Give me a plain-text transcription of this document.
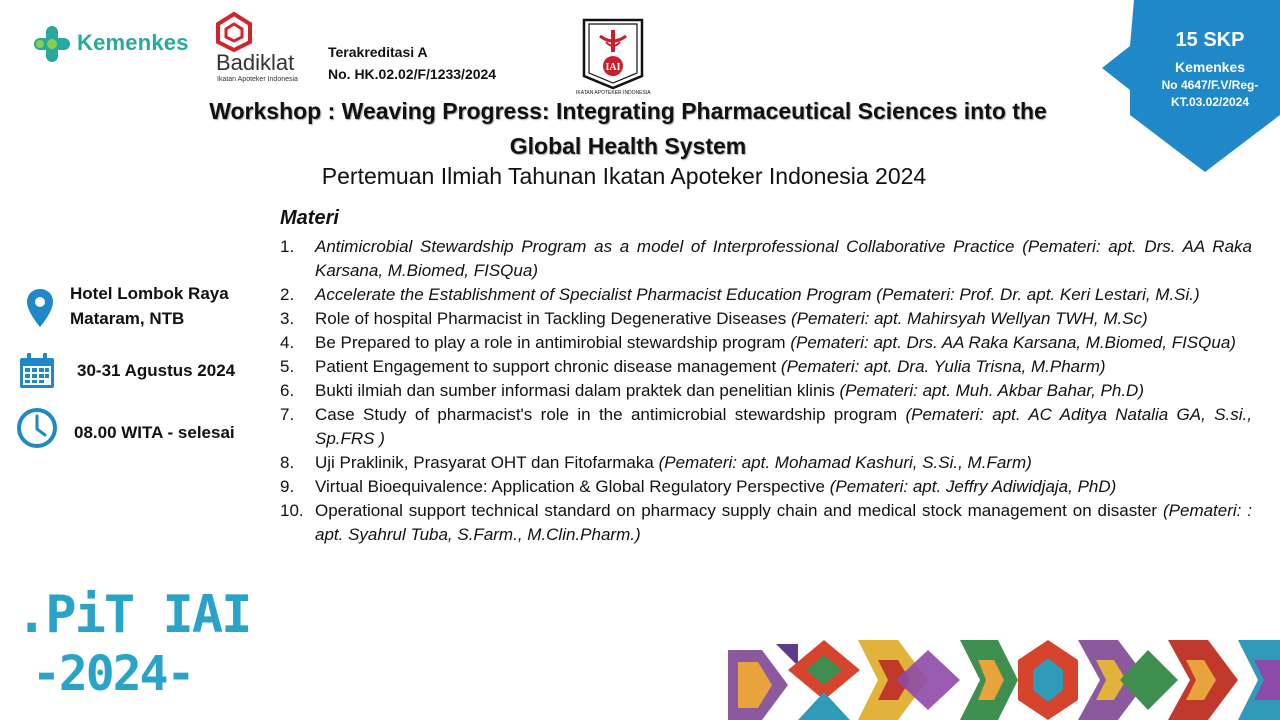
Kemenkes
Badiklat
Ikatan Apoteker Indonesia
Terakreditasi A
No. HK.02.02/F/1233/2024	IAI
IKATAN APOTEKER INDONESIA
15 SKP
Kemenkes
No 4647/F.V/Reg-
KT.03.02/2024
Workshop : Weaving Progress: Integrating Pharmaceutical Sciences into the
Global Health System
Pertemuan Ilmiah Tahunan Ikatan Apoteker Indonesia 2024
Hotel Lombok Raya
Mataram, NTB
30-31 Agustus 2024
08.00 WITA - selesai
Materi
1. Antimicrobial Stewardship Program as a model of Interprofessional Collaborative Practice (Pemateri: apt. Drs. AA Raka Karsana, M.Biomed, FISQua)
2. Accelerate the Establishment of Specialist Pharmacist Education Program (Pemateri: Prof. Dr. apt. Keri Lestari, M.Si.)
3. Role of hospital Pharmacist in Tackling Degenerative Diseases (Pemateri: apt. Mahirsyah Wellyan TWH, M.Sc)
4. Be Prepared to play a role in antimirobial stewardship program (Pemateri: apt. Drs. AA Raka Karsana, M.Biomed, FISQua)
5. Patient Engagement to support chronic disease management (Pemateri: apt. Dra. Yulia Trisna, M.Pharm)
6. Bukti ilmiah dan sumber informasi dalam praktek dan penelitian klinis (Pemateri: apt. Muh. Akbar Bahar, Ph.D)
7. Case Study of pharmacist's role in the antimicrobial stewardship program (Pemateri: apt. AC Aditya Natalia GA, S.si., Sp.FRS )
8. Uji Praklinik, Prasyarat OHT dan Fitofarmaka (Pemateri: apt. Mohamad Kashuri, S.Si., M.Farm)
9. Virtual Bioequivalence: Application & Global Regulatory Perspective (Pemateri: apt. Jeffry Adiwidjaja, PhD)
10. Operational support technical standard on pharmacy supply chain and medical stock management on disaster (Pemateri: : apt. Syahrul Tuba, S.Farm., M.Clin.Pharm.)
.PiT IAI
-2024-
